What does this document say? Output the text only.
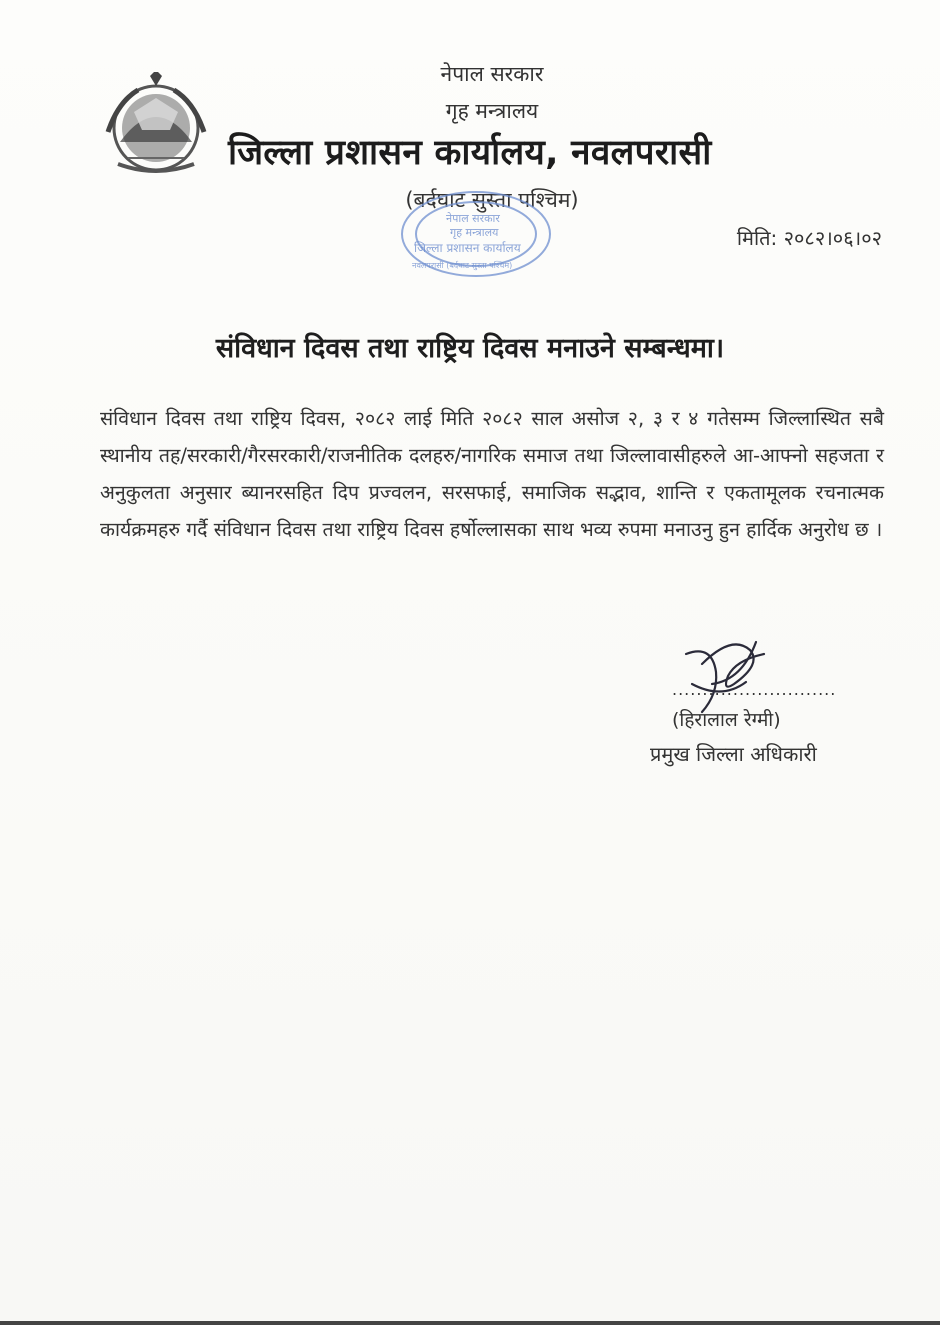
नेपाल सरकार
गृह मन्त्रालय
जिल्ला प्रशासन कार्यालय, नवलपरासी
(बर्दघाट सुस्ता पश्चिम)
नेपाल सरकार
गृह मन्त्रालय
जिल्ला प्रशासन कार्यालय
नवलपरासी (बर्दघाट सुस्ता पश्चिम)
मिति: २०८२।०६।०२
संविधान दिवस तथा राष्ट्रिय दिवस मनाउने सम्बन्धमा।
संविधान दिवस तथा राष्ट्रिय दिवस, २०८२ लाई मिति २०८२ साल असोज २, ३ र ४ गतेसम्म जिल्लास्थित सबै स्थानीय तह/सरकारी/गैरसरकारी/राजनीतिक दलहरु/नागरिक समाज तथा जिल्लावासीहरुले आ-आफ्नो सहजता र अनुकुलता अनुसार ब्यानरसहित दिप प्रज्वलन, सरसफाई, समाजिक सद्भाव, शान्ति र एकतामूलक रचनात्मक कार्यक्रमहरु गर्दै संविधान दिवस तथा राष्ट्रिय दिवस हर्षोल्लासका साथ भव्य रुपमा मनाउनु हुन हार्दिक अनुरोध छ ।
...........................
(हिरालाल रेग्मी)
प्रमुख जिल्ला अधिकारी
